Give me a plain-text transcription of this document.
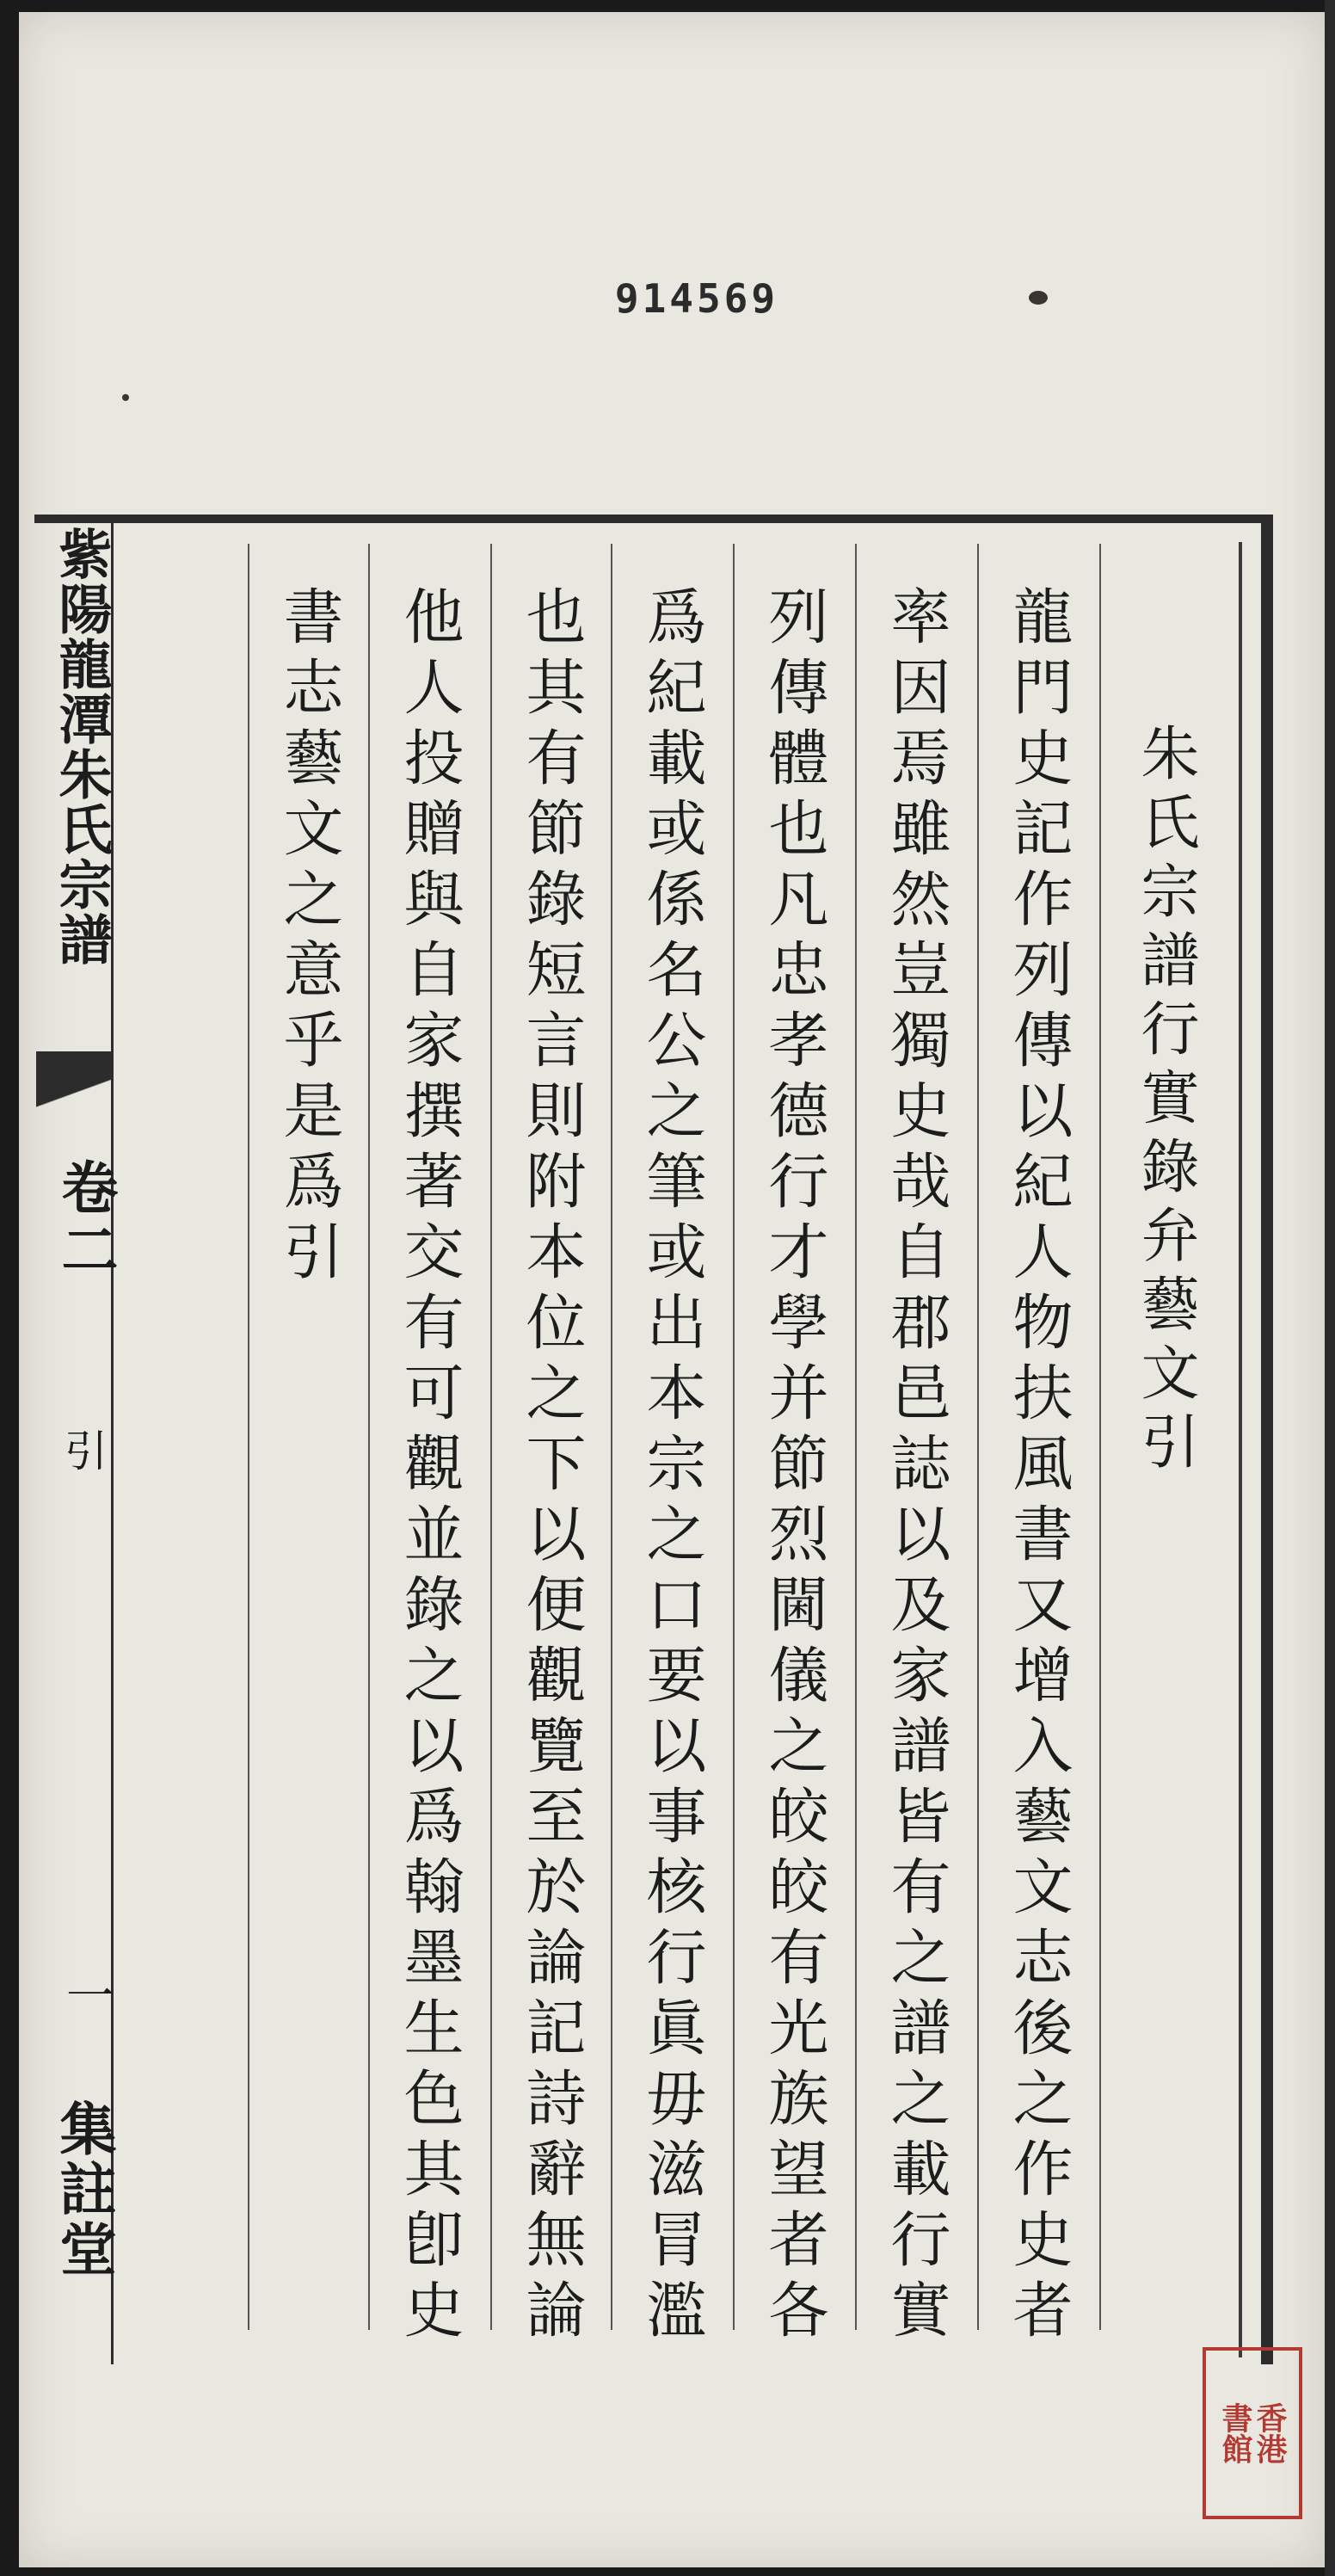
914569
朱氏宗譜行實錄弁藝文引
龍門史記作列傳以紀人物扶風書又增入藝文志後之作史者
率因焉雖然豈獨史哉自郡邑誌以及家譜皆有之譜之載行實
列傳體也凡忠孝德行才學并節烈閫儀之皎皎有光族望者各
爲紀載或係名公之筆或出本宗之口要以事核行眞毋滋冐濫
也其有節錄短言則附本位之下以便觀覽至於論記詩辭無論
他人投贈與自家撰著交有可觀並錄之以爲翰墨生色其卽史
書志藝文之意乎是爲引
紫陽龍潭朱氏宗譜
卷二
引
一
集註堂
香港
書館
